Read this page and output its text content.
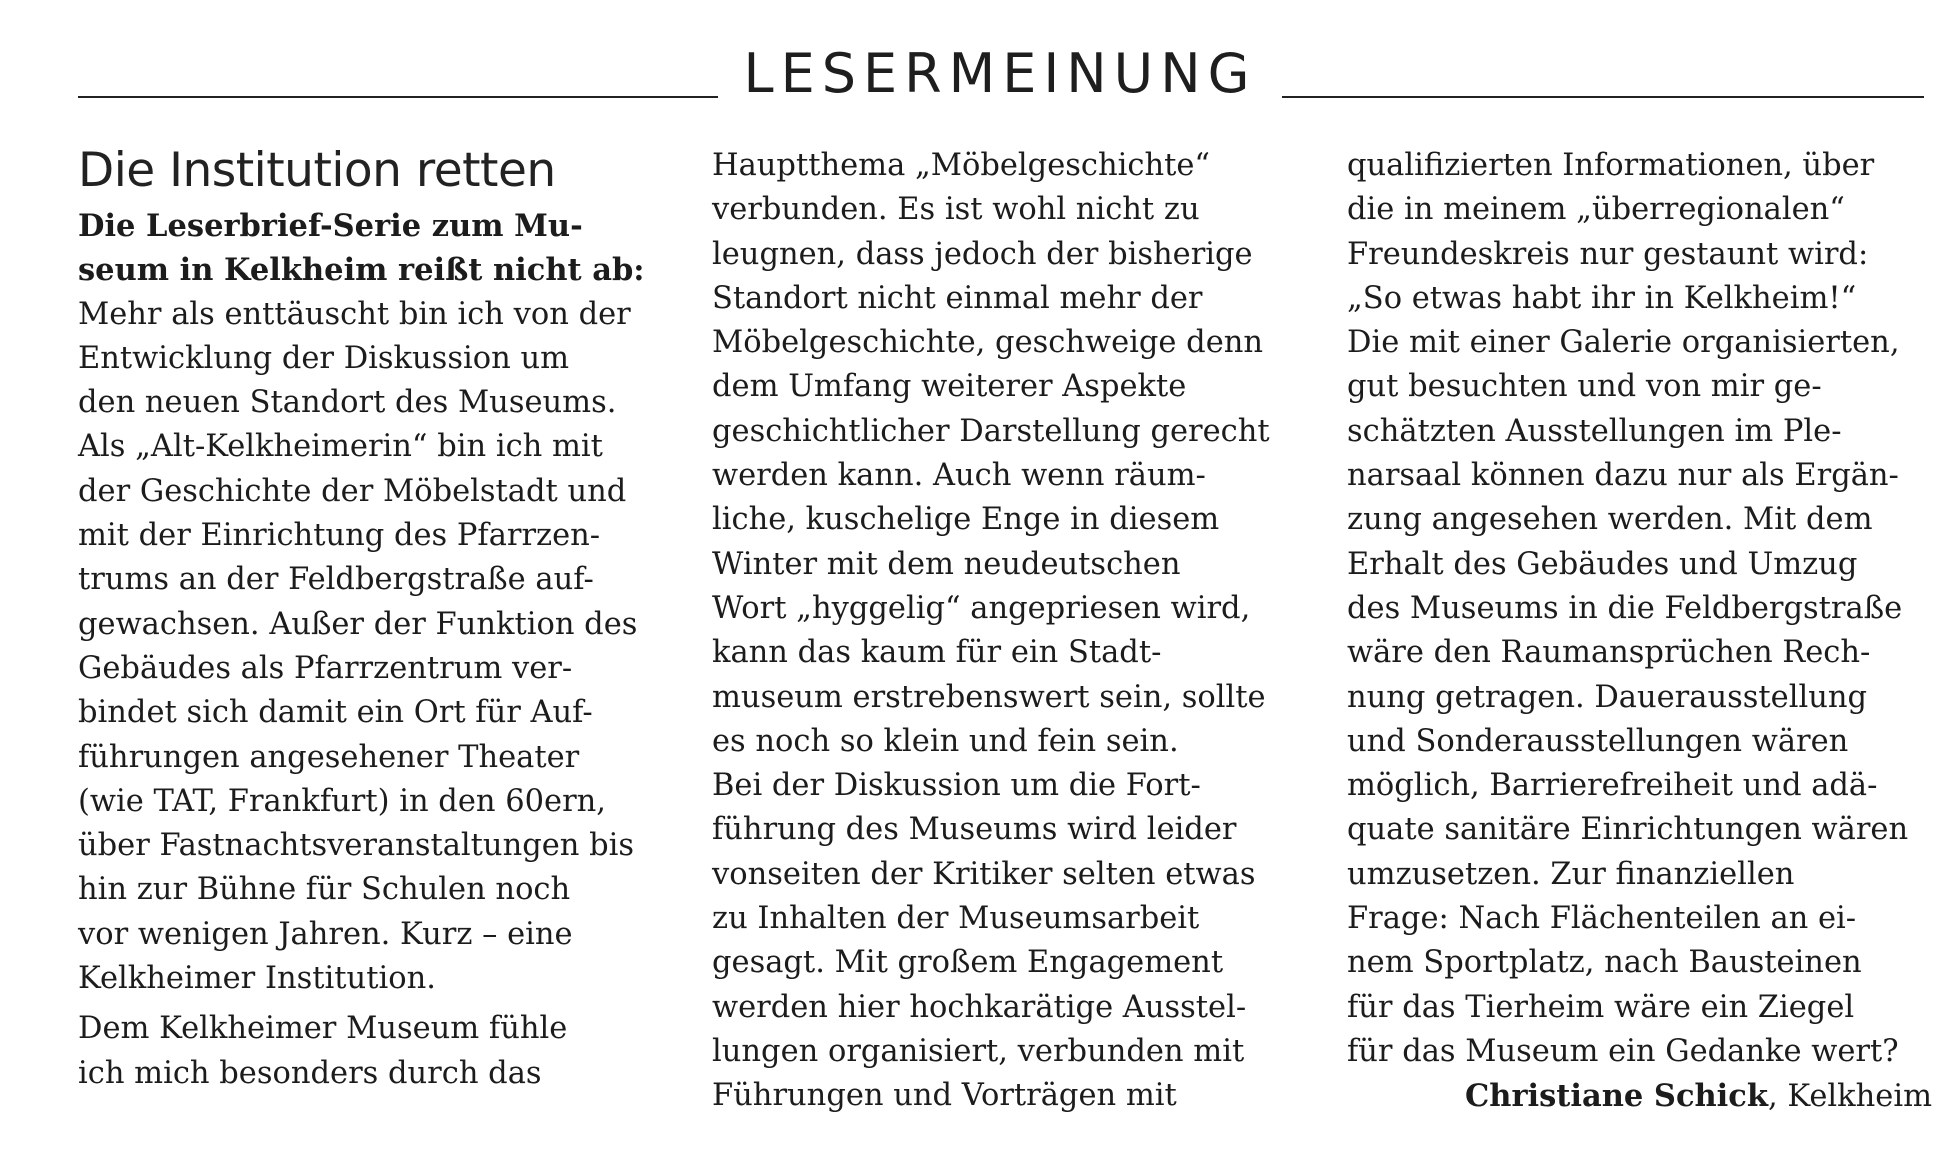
LESERMEINUNG
Die Institution retten
Die Leserbrief-Serie zum Mu-
seum in Kelkheim reißt nicht ab:
Mehr als enttäuscht bin ich von der
Entwicklung der Diskussion um
den neuen Standort des Museums.
Als „Alt-Kelkheimerin“ bin ich mit
der Geschichte der Möbelstadt und
mit der Einrichtung des Pfarrzen-
trums an der Feldbergstraße auf-
gewachsen. Außer der Funktion des
Gebäudes als Pfarrzentrum ver-
bindet sich damit ein Ort für Auf-
führungen angesehener Theater
(wie TAT, Frankfurt) in den 60ern,
über Fastnachtsveranstaltungen bis
hin zur Bühne für Schulen noch
vor wenigen Jahren. Kurz – eine
Kelkheimer Institution.
Dem Kelkheimer Museum fühle
ich mich besonders durch das
Hauptthema „Möbelgeschichte“
verbunden. Es ist wohl nicht zu
leugnen, dass jedoch der bisherige
Standort nicht einmal mehr der
Möbelgeschichte, geschweige denn
dem Umfang weiterer Aspekte
geschichtlicher Darstellung gerecht
werden kann. Auch wenn räum-
liche, kuschelige Enge in diesem
Winter mit dem neudeutschen
Wort „hyggelig“ angepriesen wird,
kann das kaum für ein Stadt-
museum erstrebenswert sein, sollte
es noch so klein und fein sein.
Bei der Diskussion um die Fort-
führung des Museums wird leider
vonseiten der Kritiker selten etwas
zu Inhalten der Museumsarbeit
gesagt. Mit großem Engagement
werden hier hochkarätige Ausstel-
lungen organisiert, verbunden mit
Führungen und Vorträgen mit
qualifizierten Informationen, über
die in meinem „überregionalen“
Freundeskreis nur gestaunt wird:
„So etwas habt ihr in Kelkheim!“
Die mit einer Galerie organisierten,
gut besuchten und von mir ge-
schätzten Ausstellungen im Ple-
narsaal können dazu nur als Ergän-
zung angesehen werden. Mit dem
Erhalt des Gebäudes und Umzug
des Museums in die Feldbergstraße
wäre den Raumansprüchen Rech-
nung getragen. Dauerausstellung
und Sonderausstellungen wären
möglich, Barrierefreiheit und adä-
quate sanitäre Einrichtungen wären
umzusetzen. Zur finanziellen
Frage: Nach Flächenteilen an ei-
nem Sportplatz, nach Bausteinen
für das Tierheim wäre ein Ziegel
für das Museum ein Gedanke wert?
Christiane Schick, Kelkheim
